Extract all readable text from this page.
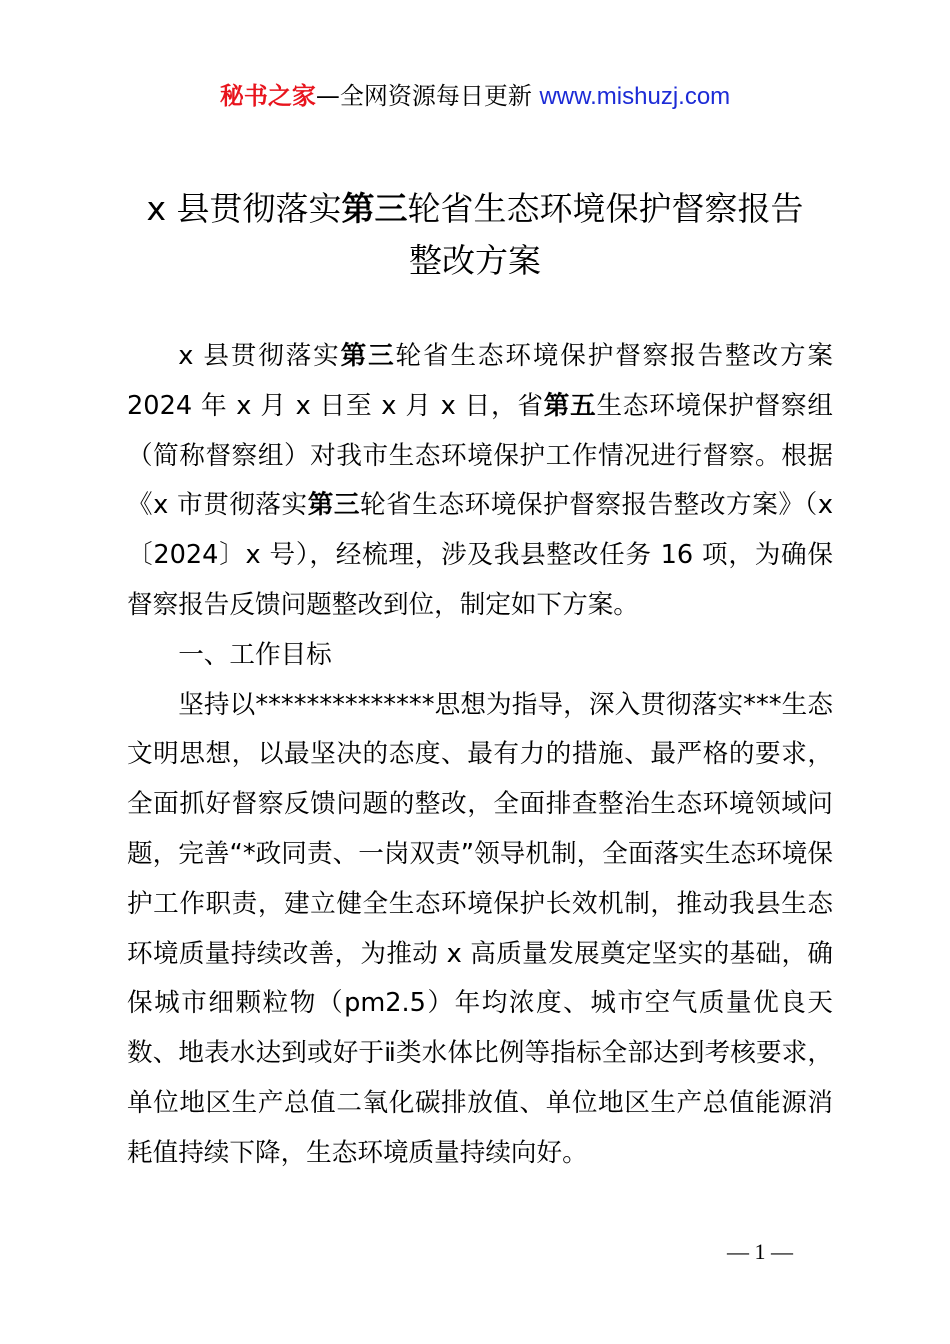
秘书之家—全网资源每日更新 www.mishuzj.com
x 县贯彻落实第三轮省生态环境保护督察报告
整改方案

x 县贯彻落实第三轮省生态环境保护督察报告整改方案 2024 年 x 月 x 日至 x 月 x 日，省第五生态环境保护督察组（简称督察组）对我市生态环境保护工作情况进行督察。根据《x 市贯彻落实第三轮省生态环境保护督察报告整改方案》（x〔2024〕x 号），经梳理，涉及我县整改任务 16 项，为确保督察报告反馈问题整改到位，制定如下方案。

一、工作目标

坚持以**************思想为指导，深入贯彻落实***生态文明思想，以最坚决的态度、最有力的措施、最严格的要求，全面抓好督察反馈问题的整改，全面排查整治生态环境领域问题，完善“*政同责、一岗双责”领导机制，全面落实生态环境保护工作职责，建立健全生态环境保护长效机制，推动我县生态环境质量持续改善，为推动 x 高质量发展奠定坚实的基础，确保城市细颗粒物（pm2.5）年均浓度、城市空气质量优良天数、地表水达到或好于ⅱ类水体比例等指标全部达到考核要求，单位地区生产总值二氧化碳排放值、单位地区生产总值能源消耗值持续下降，生态环境质量持续向好。

— 1 —
